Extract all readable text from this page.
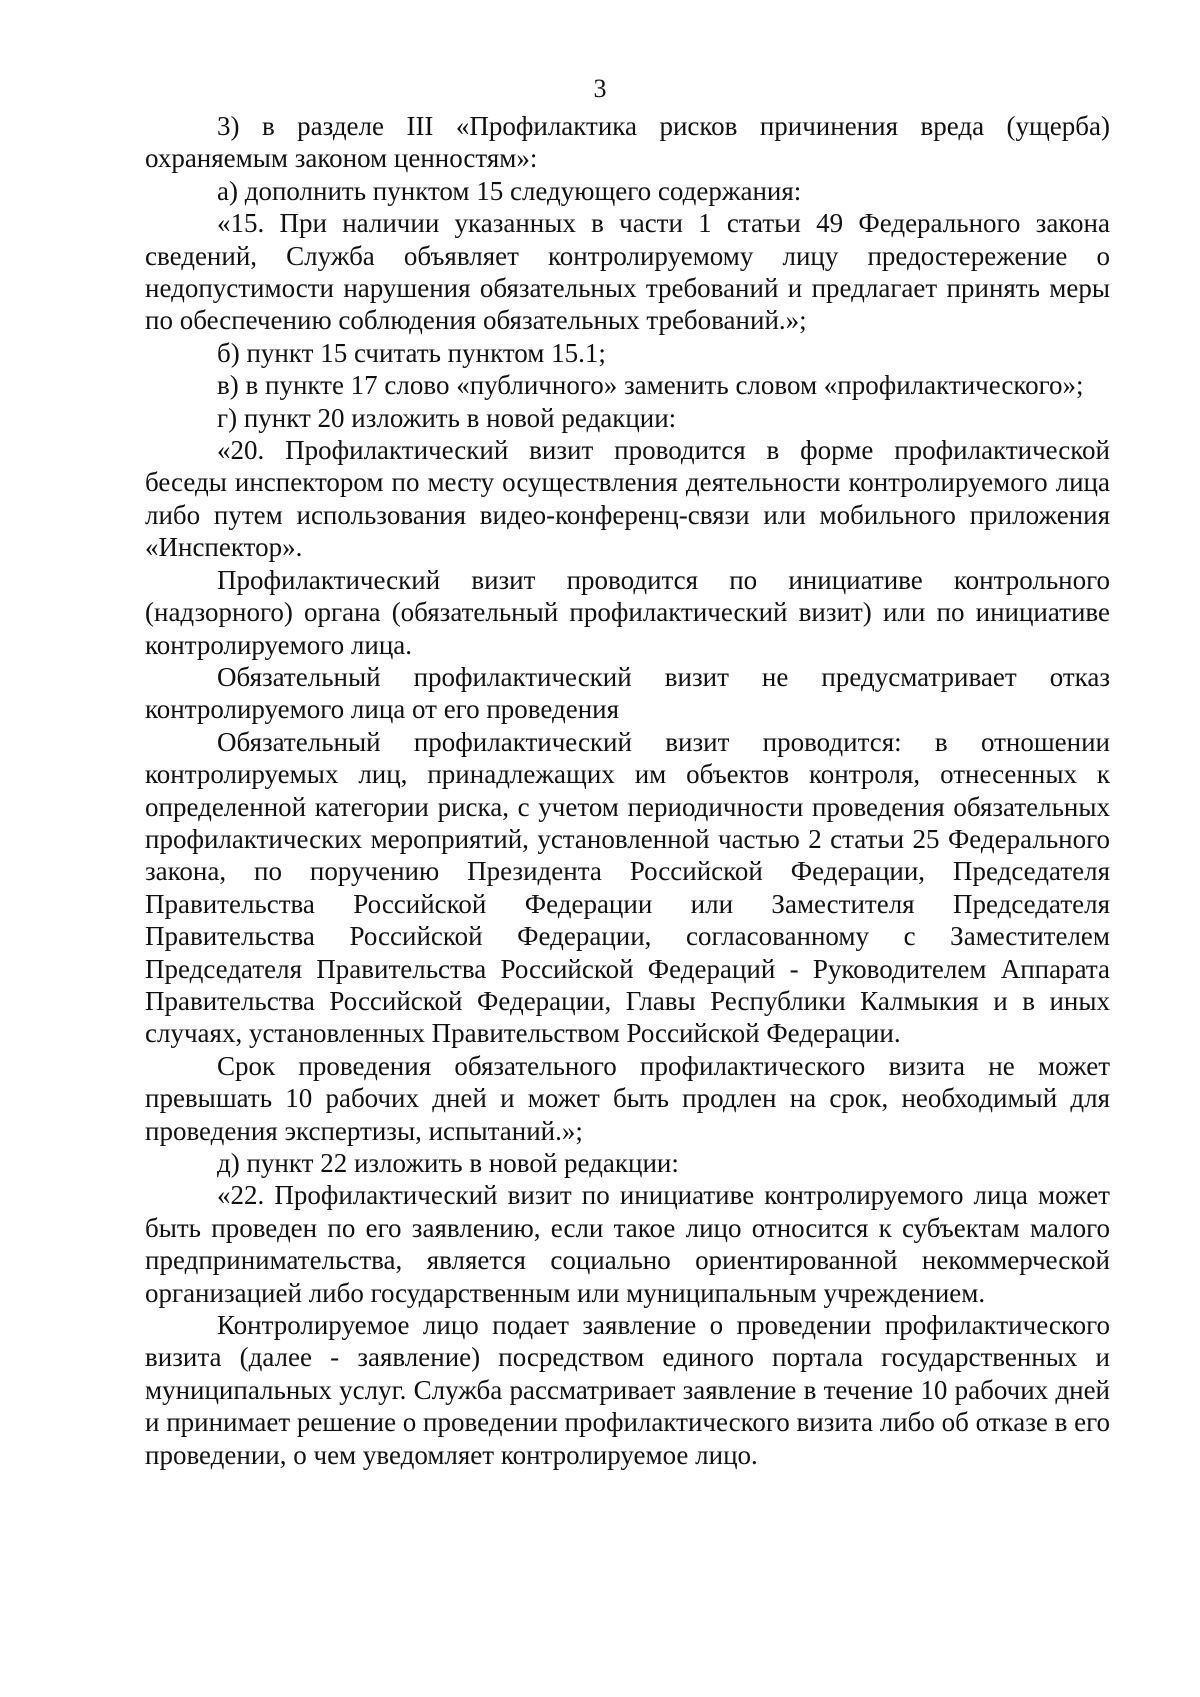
3

3) в разделе III «Профилактика рисков причинения вреда (ущерба) охраняемым законом ценностям»:

а) дополнить пунктом 15 следующего содержания:

«15. При наличии указанных в части 1 статьи 49 Федерального закона сведений, Служба объявляет контролируемому лицу предостережение о недопустимости нарушения обязательных требований и предлагает принять меры по обеспечению соблюдения обязательных требований.»;

б) пункт 15 считать пунктом 15.1;

в) в пункте 17 слово «публичного» заменить словом «профилактического»;

г) пункт 20 изложить в новой редакции:

«20. Профилактический визит проводится в форме профилактической беседы инспектором по месту осуществления деятельности контролируемого лица либо путем использования видео-конференц-связи или мобильного приложения «Инспектор».

Профилактический визит проводится по инициативе контрольного (надзорного) органа (обязательный профилактический визит) или по инициативе контролируемого лица.

Обязательный профилактический визит не предусматривает отказ контролируемого лица от его проведения

Обязательный профилактический визит проводится: в отношении контролируемых лиц, принадлежащих им объектов контроля, отнесенных к определенной категории риска, с учетом периодичности проведения обязательных профилактических мероприятий, установленной частью 2 статьи 25 Федерального закона, по поручению Президента Российской Федерации, Председателя Правительства Российской Федерации или Заместителя Председателя Правительства Российской Федерации, согласованному с Заместителем Председателя Правительства Российской Федераций - Руководителем Аппарата Правительства Российской Федерации, Главы Республики Калмыкия и в иных случаях, установленных Правительством Российской Федерации.

Срок проведения обязательного профилактического визита не может превышать 10 рабочих дней и может быть продлен на срок, необходимый для проведения экспертизы, испытаний.»;

д) пункт 22 изложить в новой редакции:

«22. Профилактический визит по инициативе контролируемого лица может быть проведен по его заявлению, если такое лицо относится к субъектам малого предпринимательства, является социально ориентированной некоммерческой организацией либо государственным или муниципальным учреждением.

Контролируемое лицо подает заявление о проведении профилактического визита (далее - заявление) посредством единого портала государственных и муниципальных услуг. Служба рассматривает заявление в течение 10 рабочих дней и принимает решение о проведении профилактического визита либо об отказе в его проведении, о чем уведомляет контролируемое лицо.
